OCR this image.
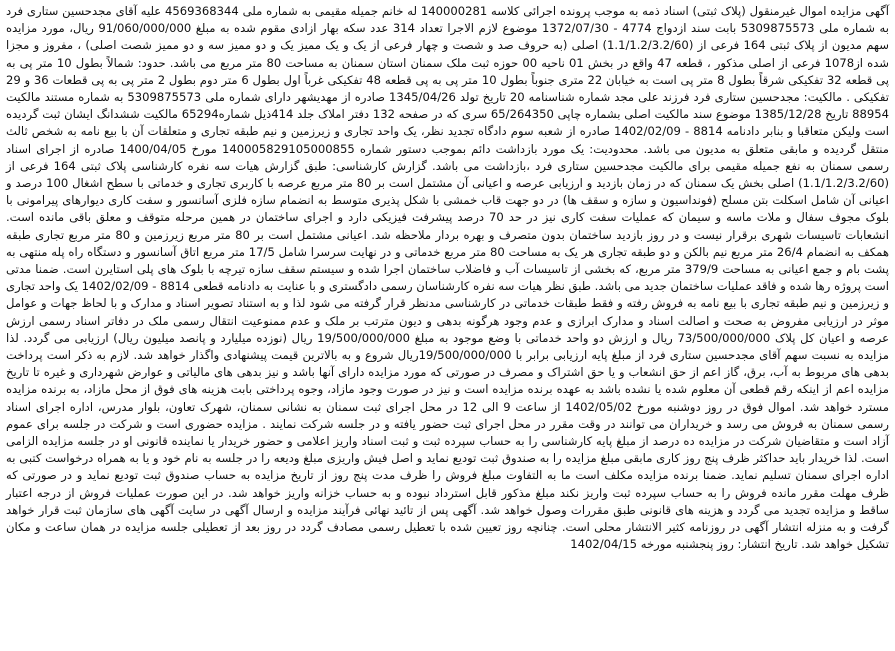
آگهی مزایده اموال غیرمنقول (پلاک ثبتی) اسناد ذمه به موجب پرونده اجرائی کلاسه 140000281 له خانم جمیله مقیمی به شماره ملی 4569368344 علیه آقای مجدحسین ستاری فرد به شماره ملی 5309875573 بابت سند ازدواج 4774 - 1372/07/30 موضوع لازم الاجرا تعداد 314 عدد سکه بهار ازادی مقوم شده به مبلغ 91/060/000/000 ریال، مورد مزایده سهم مدیون از پلاک ثبتی 164 فرعی از (1.1/1.2/3.2/60) اصلی (به حروف صد و شصت و چهار فرعی از یک و یک ممیز یک و دو ممیز سه و دو ممیز شصت اصلی) ، مفروز و مجزا شده از1078 فرعی از اصلی مذکور ، قطعه 47 واقع در بخش 01 ناحیه 00 حوزه ثبت ملک سمنان استان سمنان به مساحت 80 متر مربع می باشد. حدود: شمالاً بطول 10 متر پی به پی قطعه 32 تفکیکی شرقاً بطول 8 متر پی است به خیابان 22 متری جنوباً بطول 10 متر پی به پی قطعه 48 تفکیکی غرباً اول بطول 6 متر دوم بطول 2 متر پی به پی قطعات 36 و 29 تفکیکی . مالکیت: مجدحسین ستاری فرد فرزند علی مجد شماره شناسنامه 20 تاریخ تولد 1345/04/26 صادره از مهدیشهر دارای شماره ملی 5309875573 به شماره مستند مالکیت 88954 تاریخ 1385/12/28 موضوع سند مالکیت اصلی بشماره چاپی 65/264350 سری که در صفحه 132 دفتر املاک جلد 414ذیل شماره65294 مالکیت ششدانگ ایشان ثبت گردیده است ولیکن متعاقبا و بنابر دادنامه 8814 - 1402/02/09 صادره از شعبه سوم دادگاه تجدید نظر، یک واحد تجاری و زیرزمین و نیم طبقه تجاری و متعلقات آن با بیع نامه به شخص ثالث منتقل گردیده و مابقی متعلق به مدیون می باشد. محدودیت: یک مورد بازداشت دائم بموجب دستور شماره 140005829105000855 مورخ 1400/04/05 صادره از اجرای اسناد رسمی سمنان به نفع جمیله مقیمی برای مالکیت مجدحسین ستاری فرد ،بازداشت می باشد. گزارش کارشناسی: طبق گزارش هیات سه نفره کارشناسی پلاک ثبتی 164 فرعی از (1.1/1.2/3.2/60) اصلی بخش یک سمنان که در زمان بازدید و ارزیابی عرصه و اعیانی آن مشتمل است بر 80 متر مربع عرصه با کاربری تجاری و خدماتی با سطح اشغال 100 درصد و اعیانی آن شامل اسکلت بتن مسلح (فونداسیون و سازه و سقف ها) در دو جهت قاب خمشی با شکل پذیری متوسط به انضمام سازه فلزی آسانسور و سفت کاری دیوارهای پیرامونی با بلوک مجوف سفال و ملات ماسه و سیمان که عملیات سفت کاری نیز در حد 70 درصد پیشرفت فیزیکی دارد و اجرای ساختمان در همین مرحله متوقف و معلق باقی مانده است. انشعابات تاسیسات شهری برقرار نیست و در روز بازدید ساختمان بدون متصرف و بهره بردار ملاحظه شد. اعیانی مشتمل است بر 80 متر مربع زیرزمین و 80 متر مربع تجاری طبقه همکف به انضمام 26/4 متر مربع نیم بالکن و دو طبقه تجاری هر یک به مساحت 80 متر مربع خدماتی و در نهایت سرسرا شامل 17/5 متر مربع اتاق آسانسور و دستگاه راه پله منتهی به پشت بام و جمع اعیانی به مساحت 379/9 متر مربع، که بخشی از تاسیسات آب و فاضلاب ساختمان اجرا شده و سیستم سقف سازه تیرچه با بلوک های پلی استایرن است. ضمنا مدتی است پروژه رها شده و فاقد عملیات ساختمان جدید می باشد. طبق نظر هیات سه نفره کارشناسان رسمی دادگستری و با عنایت به دادنامه قطعی 8814 - 1402/02/09 یک واحد تجاری و زیرزمین و نیم طبقه تجاری با بیع نامه به فروش رفته و فقط طبقات خدماتی در کارشناسی مدنظر قرار گرفته می شود لذا و به استناد تصویر اسناد و مدارک و با لحاظ جهات و عوامل موثر در ارزیابی مفروض به صحت و اصالت اسناد و مدارک ابرازی و عدم وجود هرگونه بدهی و دیون مترتب بر ملک و عدم ممنوعیت انتقال رسمی ملک در دفاتر اسناد رسمی ارزش عرصه و اعیان کل پلاک 73/500/000/000 ریال و ارزش دو واحد خدماتی با وضع موجود به مبلغ 19/500/000/000 ریال (نوزده میلیارد و پانصد میلیون ریال) ارزیابی می گردد. لذا مزایده به نسبت سهم آقای مجدحسین ستاری فرد از مبلغ پایه ارزیابی برابر با 19/500/000/000ریال شروع و به بالاترین قیمت پیشنهادی واگذار خواهد شد. لازم به ذکر است پرداخت بدهی های مربوط به آب، برق، گاز اعم از حق انشعاب و یا حق اشتراک و مصرف در صورتی که مورد مزایده دارای آنها باشد و نیز بدهی های مالیاتی و عوارض شهرداری و غیره تا تاریخ مزایده اعم از اینکه رقم قطعی آن معلوم شده یا نشده باشد به عهده برنده مزایده است و نیز در صورت وجود مازاد، وجوه پرداختی بابت هزینه های فوق از محل مازاد، به برنده مزایده مسترد خواهد شد. اموال فوق در روز دوشنبه مورخ 1402/05/02 از ساعت 9 الی 12 در محل اجرای ثبت سمنان به نشانی سمنان، شهرک تعاون، بلوار مدرس، اداره اجرای اسناد رسمی سمنان به فروش می رسد و خریداران می توانند در وقت مقرر در محل اجرای ثبت حضور یافته و در جلسه شرکت نمایند . مزایده حضوری است و شرکت در جلسه برای عموم آزاد است و متقاضیان شرکت در مزایده ده درصد از مبلغ پایه کارشناسی را به حساب سپرده ثبت و ثبت اسناد واریز اعلامی و حضور خریدار یا نماینده قانونی او در جلسه مزایده الزامی است. لذا خریدار باید حداکثر ظرف پنج روز کاری مابقی مبلغ مزایده را به صندوق ثبت تودیع نماید و اصل فیش واریزی مبلغ ودیعه را در جلسه به نام خود و یا به همراه درخواست کتبی به اداره اجرای سمنان تسلیم نماید. ضمنا برنده مزایده مکلف است ما به التفاوت مبلغ فروش را ظرف مدت پنج روز از تاریخ مزایده به حساب صندوق ثبت تودیع نماید و در صورتی که ظرف مهلت مقرر مانده فروش را به حساب سپرده ثبت واریز نکند مبلغ مذکور قابل استرداد نبوده و به حساب خزانه واریز خواهد شد. در این صورت عملیات فروش از درجه اعتبار ساقط و مزایده تجدید می گردد و هزینه های قانونی طبق مقررات وصول خواهد شد. آگهی پس از تائید نهائی فرآیند مزایده و ارسال آگهی در سایت آگهی های سازمان ثبت قرار خواهد گرفت و به منزله انتشار آگهی در روزنامه کثیر الانتشار محلی است. چنانچه روز تعیین شده با تعطیل رسمی مصادف گردد در روز بعد از تعطیلی جلسه مزایده در همان ساعت و مکان تشکیل خواهد شد. تاریخ انتشار: روز پنجشنبه مورخه 1402/04/15
